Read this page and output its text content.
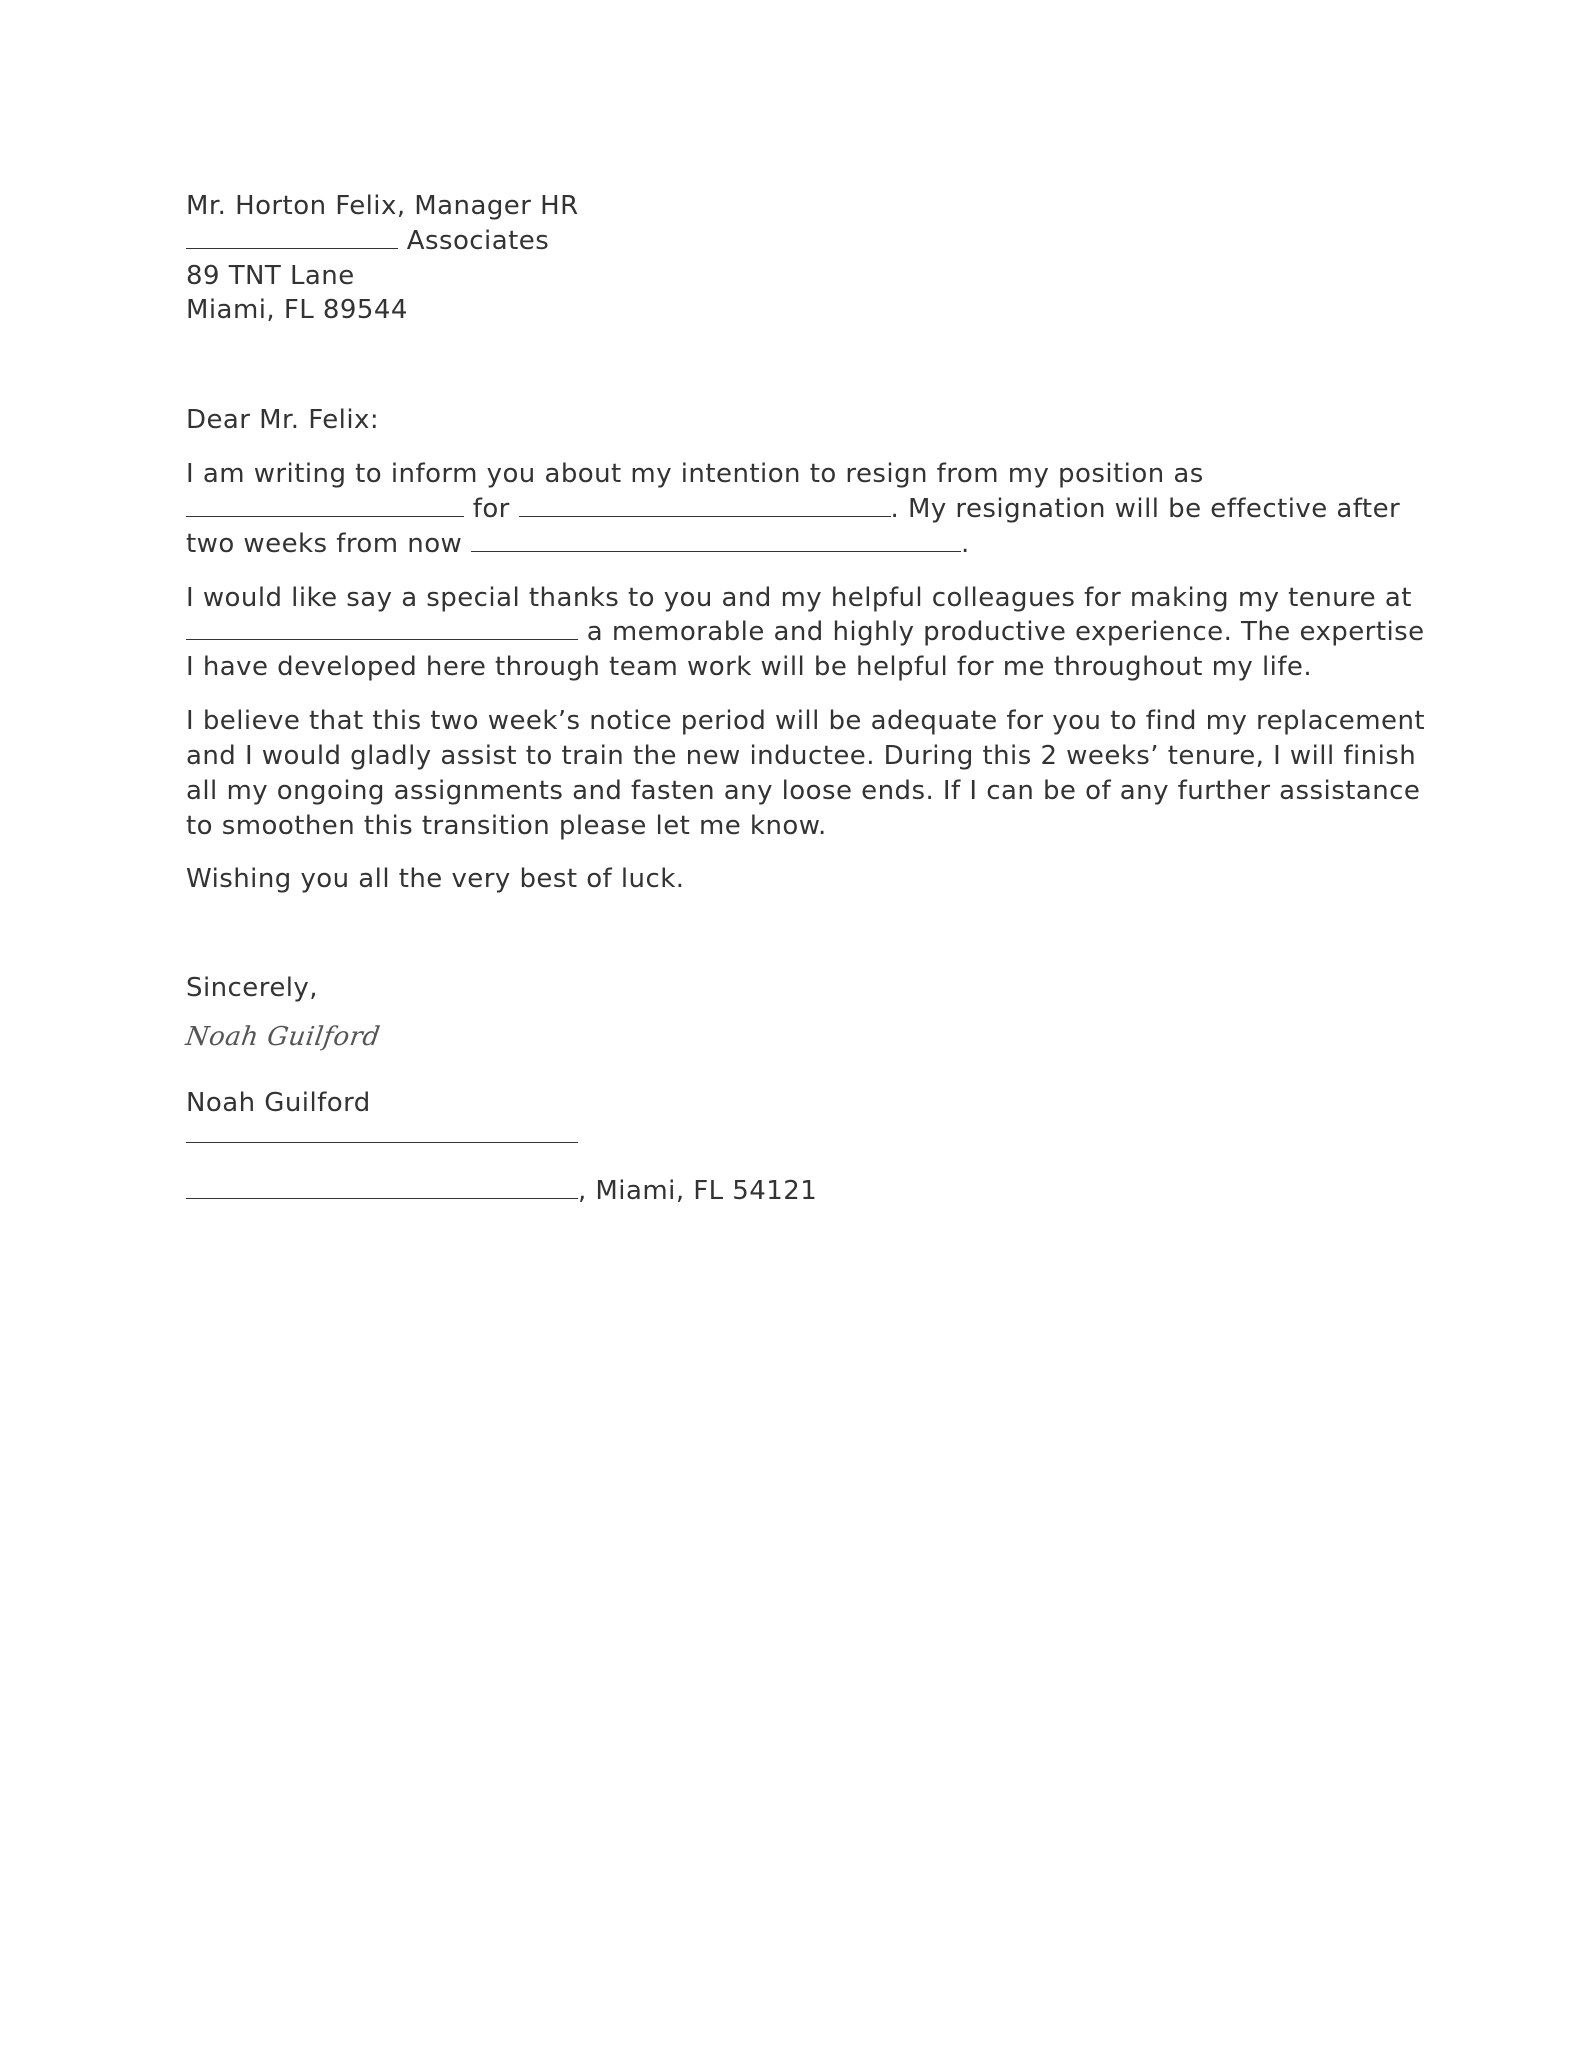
Mr. Horton Felix, Manager HR
Associates
89 TNT Lane
Miami, FL 89544
Dear Mr. Felix:
I am writing to inform you about my intention to resign from my position as
for	. My resignation will be effective after
two weeks from now	.
I would like say a special thanks to you and my helpful colleagues for making my tenure at
a memorable and highly productive experience. The expertise
I have developed here through team work will be helpful for me throughout my life.
I believe that this two week’s notice period will be adequate for you to find my replacement
and I would gladly assist to train the new inductee. During this 2 weeks’ tenure, I will finish
all my ongoing assignments and fasten any loose ends. If I can be of any further assistance
to smoothen this transition please let me know.
Wishing you all the very best of luck.
Sincerely,
Noah Guilford
Noah Guilford
, Miami, FL 54121
